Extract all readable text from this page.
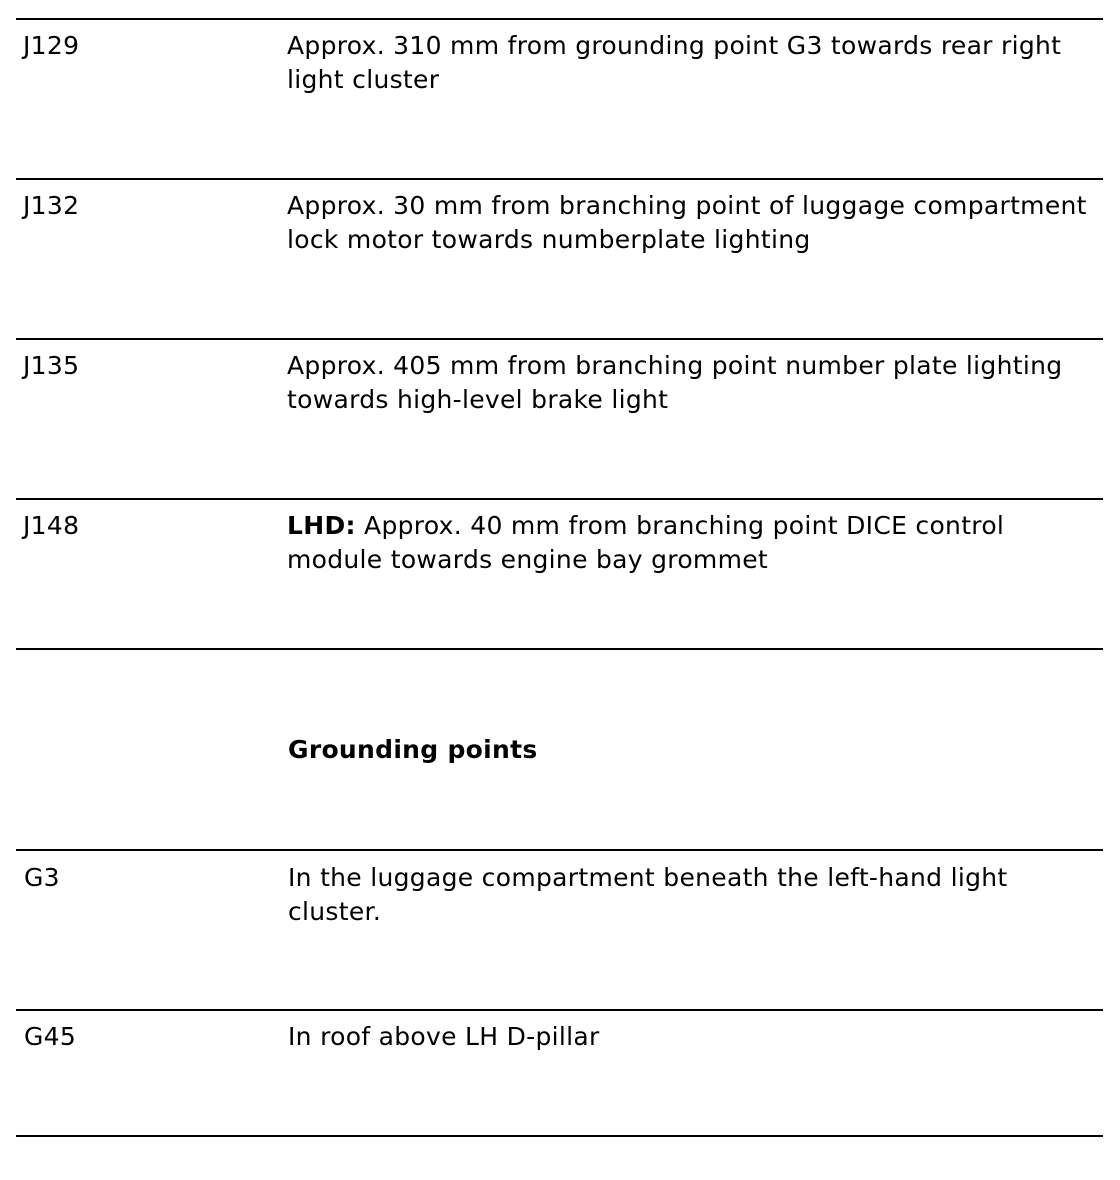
J129	Approx. 310 mm from grounding point G3 towards rear right light cluster
J132	Approx. 30 mm from branching point of luggage compartment lock motor towards numberplate lighting
J135	Approx. 405 mm from branching point number plate lighting towards high-level brake light
J148	LHD: Approx. 40 mm from branching point DICE control module towards engine bay grommet
Grounding points
G3	In the luggage compartment beneath the left-hand light cluster.
G45	In roof above LH D-pillar
